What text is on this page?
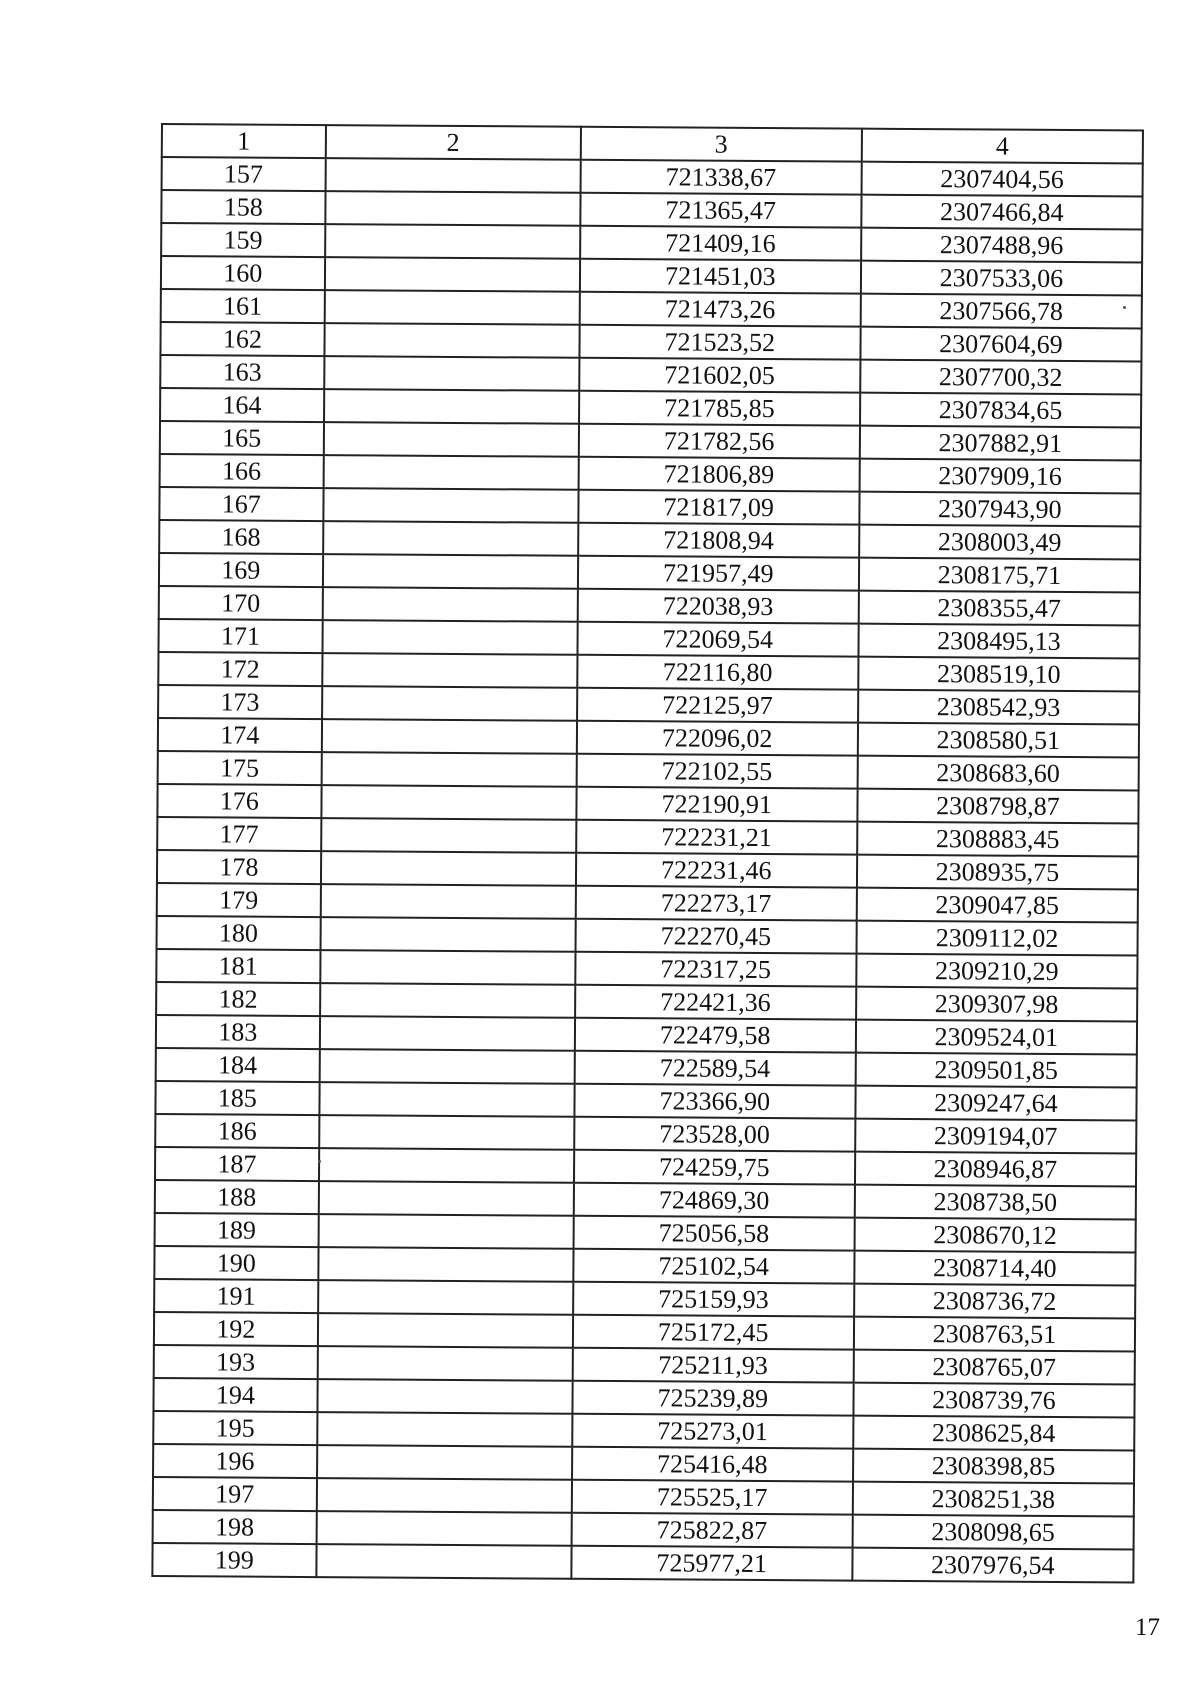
1	2	3	4
157		721338,67	2307404,56
158		721365,47	2307466,84
159		721409,16	2307488,96
160		721451,03	2307533,06
161		721473,26	2307566,78
162		721523,52	2307604,69
163		721602,05	2307700,32
164		721785,85	2307834,65
165		721782,56	2307882,91
166		721806,89	2307909,16
167		721817,09	2307943,90
168		721808,94	2308003,49
169		721957,49	2308175,71
170		722038,93	2308355,47
171		722069,54	2308495,13
172		722116,80	2308519,10
173		722125,97	2308542,93
174		722096,02	2308580,51
175		722102,55	2308683,60
176		722190,91	2308798,87
177		722231,21	2308883,45
178		722231,46	2308935,75
179		722273,17	2309047,85
180		722270,45	2309112,02
181		722317,25	2309210,29
182		722421,36	2309307,98
183		722479,58	2309524,01
184		722589,54	2309501,85
185		723366,90	2309247,64
186		723528,00	2309194,07
187		724259,75	2308946,87
188		724869,30	2308738,50
189		725056,58	2308670,12
190		725102,54	2308714,40
191		725159,93	2308736,72
192		725172,45	2308763,51
193		725211,93	2308765,07
194		725239,89	2308739,76
195		725273,01	2308625,84
196		725416,48	2308398,85
197		725525,17	2308251,38
198		725822,87	2308098,65
199		725977,21	2307976,54
17
